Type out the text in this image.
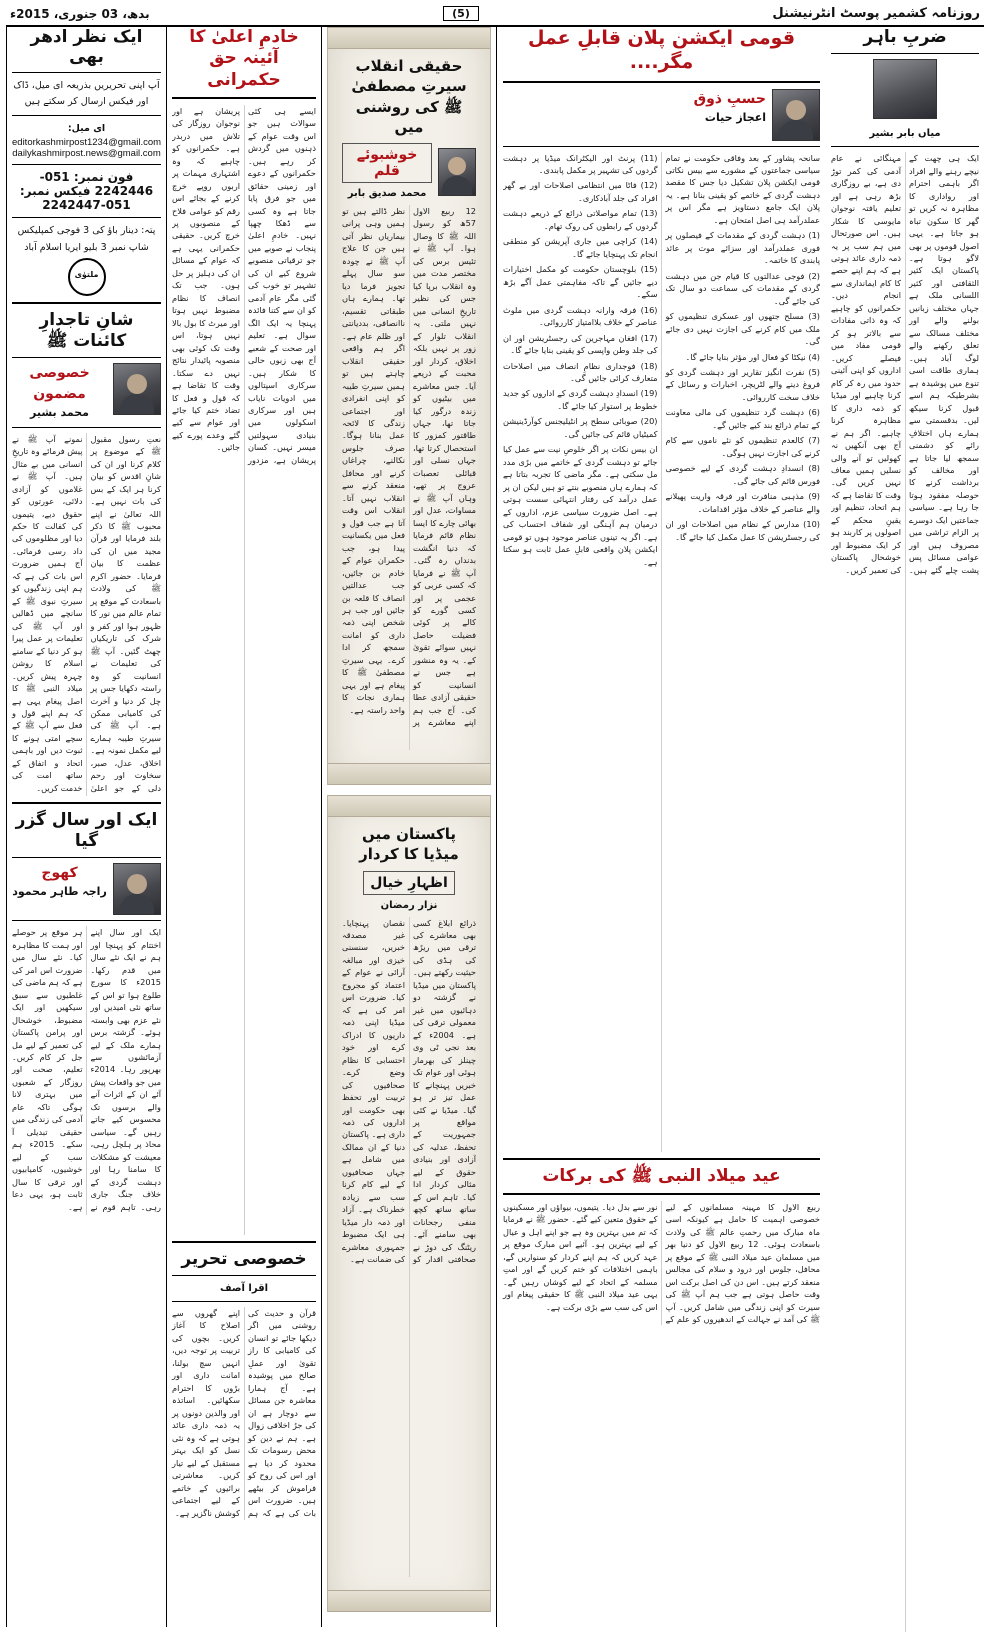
روزنامہ کشمیر پوسٹ انٹرنیشنل
(5)
بدھ، 03 جنوری، 2015ء
ایک نظر ادھر بھی
آپ اپنی تحریریں بذریعہ ای میل، ڈاک اور فیکس ارسال کر سکتے ہیں
ای میل:
editorkashmirpost1234@gmail.com
dailykashmirpost.news@gmail.com
فون نمبر: 051-2242446 فیکس نمبر: 051-2242447
پتہ: دینار باؤ کی 3 فوجی کمپلیکس شاپ نمبر 3 بلیو ایریا اسلام آباد
ملتوٰی
شانِ تاجدارِ کائنات ﷺ
خصوصی مضمون
محمد بشیر

نعتِ رسول مقبول ﷺ کے موضوع پر کلام کرنا اور ان کی شانِ اقدس کو بیان کرنا ہر ایک کے بس کی بات نہیں ہے۔ اللہ تعالیٰ نے اپنے محبوب ﷺ کا ذکر بلند فرمایا اور قرآن مجید میں ان کی عظمت کا بیان فرمایا۔ حضور اکرم ﷺ کی ولادت باسعادت کے موقع پر تمام عالم میں نور کا ظہور ہوا اور کفر و شرک کی تاریکیاں چھٹ گئیں۔ آپ ﷺ کی تعلیمات نے انسانیت کو وہ راستہ دکھایا جس پر چل کر دنیا و آخرت کی کامیابی ممکن ہے۔ آپ ﷺ کی سیرتِ طیبہ ہمارے لیے مکمل نمونہ ہے۔ اخلاق، عدل، صبر، سخاوت اور رحم دلی کے جو اعلیٰ نمونے آپ ﷺ نے پیش فرمائے وہ تاریخِ انسانی میں بے مثال ہیں۔ آپ ﷺ نے غلاموں کو آزادی دلائی، عورتوں کو حقوق دیے، یتیموں کی کفالت کا حکم دیا اور مظلوموں کی داد رسی فرمائی۔ آج ہمیں ضرورت اس بات کی ہے کہ ہم اپنی زندگیوں کو سیرتِ نبوی ﷺ کے سانچے میں ڈھالیں اور آپ ﷺ کی تعلیمات پر عمل پیرا ہو کر دنیا کے سامنے اسلام کا روشن چہرہ پیش کریں۔ میلاد النبی ﷺ کا اصل پیغام یہی ہے کہ ہم اپنے قول و فعل سے آپ ﷺ کے سچے امتی ہونے کا ثبوت دیں اور باہمی اتحاد و اتفاق کے ساتھ امت کی خدمت کریں۔

ایک اور سال گزر گیا
کھوج
راجہ طاہر محمود

ایک اور سال اپنے اختتام کو پہنچا اور ہم نے ایک نئے سال میں قدم رکھا۔ 2015ء کا سورج طلوع ہوا تو اس کے ساتھ نئی امیدیں اور نئے عزم بھی وابستہ ہوئے۔ گزشتہ برس ہمارے ملک کے لیے آزمائشوں سے بھرپور رہا۔ 2014ء میں جو واقعات پیش آئے ان کے اثرات آنے والے برسوں تک محسوس کیے جاتے رہیں گے۔ سیاسی محاذ پر ہلچل رہی، معیشت کو مشکلات کا سامنا رہا اور دہشت گردی کے خلاف جنگ جاری رہی۔ تاہم قوم نے ہر موقع پر حوصلے اور ہمت کا مظاہرہ کیا۔ نئے سال میں ضرورت اس امر کی ہے کہ ہم ماضی کی غلطیوں سے سبق سیکھیں اور ایک مضبوط، خوشحال اور پرامن پاکستان کی تعمیر کے لیے مل جل کر کام کریں۔ تعلیم، صحت اور روزگار کے شعبوں میں بہتری لانا ہوگی تاکہ عام آدمی کی زندگی میں حقیقی تبدیلی آ سکے۔ 2015ء ہم سب کے لیے خوشیوں، کامیابیوں اور ترقی کا سال ثابت ہو، یہی دعا ہے۔

خادمِ اعلیٰ کا آئینہ حق حکمرانی

ایسے ہی کئی سوالات ہیں جو اس وقت عوام کے ذہنوں میں گردش کر رہے ہیں۔ حکمرانوں کے دعوے اور زمینی حقائق میں جو فرق پایا جاتا ہے وہ کسی سے ڈھکا چھپا نہیں۔ خادمِ اعلیٰ پنجاب نے صوبے میں جو ترقیاتی منصوبے شروع کیے ان کی تشہیر تو خوب کی گئی مگر عام آدمی کو ان سے کتنا فائدہ پہنچا یہ ایک الگ سوال ہے۔ تعلیم اور صحت کے شعبے آج بھی زبوں حالی کا شکار ہیں۔ سرکاری اسپتالوں میں ادویات نایاب ہیں اور سرکاری اسکولوں میں بنیادی سہولتیں میسر نہیں۔ کسان پریشان ہے، مزدور پریشان ہے اور نوجوان روزگار کی تلاش میں دربدر ہے۔ حکمرانوں کو چاہیے کہ وہ اشتہاری مہمات پر اربوں روپے خرچ کرنے کے بجائے اس رقم کو عوامی فلاح کے منصوبوں پر خرچ کریں۔ حقیقی حکمرانی یہی ہے کہ عوام کے مسائل ان کی دہلیز پر حل ہوں۔ جب تک انصاف کا نظام مضبوط نہیں ہوتا اور میرٹ کا بول بالا نہیں ہوتا، اس وقت تک کوئی بھی منصوبہ پائیدار نتائج نہیں دے سکتا۔ وقت کا تقاضا ہے کہ قول و فعل کا تضاد ختم کیا جائے اور عوام سے کیے گئے وعدے پورے کیے جائیں۔

خصوصی تحریر
اقرا آصف

قرآن و حدیث کی روشنی میں اگر دیکھا جائے تو انسان کی کامیابی کا راز تقویٰ اور عملِ صالح میں پوشیدہ ہے۔ آج ہمارا معاشرہ جن مسائل سے دوچار ہے ان کی جڑ اخلاقی زوال ہے۔ ہم نے دین کو محض رسومات تک محدود کر دیا ہے اور اس کی روح کو فراموش کر بیٹھے ہیں۔ ضرورت اس بات کی ہے کہ ہم اپنے گھروں سے اصلاح کا آغاز کریں۔ بچوں کی تربیت پر توجہ دیں، انہیں سچ بولنا، امانت داری اور بڑوں کا احترام سکھائیں۔ اساتذہ اور والدین دونوں پر یہ ذمہ داری عائد ہوتی ہے کہ وہ نئی نسل کو ایک بہتر مستقبل کے لیے تیار کریں۔ معاشرتی برائیوں کے خاتمے کے لیے اجتماعی کوشش ناگزیر ہے۔

حقیقی انقلاب سیرتِ مصطفیٰ ﷺ کی روشنی میں
خوشبوئے قلم
محمد صدیق بابر

12 ربیع الاول 57ھ کو رسول اللہ ﷺ کا وصال ہوا۔ آپ ﷺ نے تئیس برس کی مختصر مدت میں وہ انقلاب برپا کیا جس کی نظیر تاریخِ انسانی میں نہیں ملتی۔ یہ انقلاب تلوار کے زور پر نہیں بلکہ اخلاق، کردار اور محبت کے ذریعے آیا۔ جس معاشرے میں بیٹیوں کو زندہ درگور کیا جاتا تھا، جہاں طاقتور کمزور کا استحصال کرتا تھا، جہاں نسلی اور قبائلی تعصبات عروج پر تھے، وہاں آپ ﷺ نے مساوات، عدل اور بھائی چارے کا ایسا نظام قائم فرمایا کہ دنیا انگشت بدنداں رہ گئی۔ آپ ﷺ نے فرمایا کہ کسی عربی کو عجمی پر اور کسی گورے کو کالے پر کوئی فضیلت حاصل نہیں سوائے تقویٰ کے۔ یہ وہ منشور ہے جس نے انسانیت کو حقیقی آزادی عطا کی۔ آج جب ہم اپنے معاشرے پر نظر ڈالتے ہیں تو ہمیں وہی پرانی بیماریاں نظر آتی ہیں جن کا علاج آپ ﷺ نے چودہ سو سال پہلے تجویز فرما دیا تھا۔ ہمارے ہاں طبقاتی تقسیم، ناانصافی، بددیانتی اور ظلم عام ہے۔ اگر ہم واقعی حقیقی انقلاب چاہتے ہیں تو ہمیں سیرتِ طیبہ کو اپنی انفرادی اور اجتماعی زندگی کا لائحہ عمل بنانا ہوگا۔ صرف جلوس نکالنے، چراغاں کرنے اور محافل منعقد کرنے سے انقلاب نہیں آتا۔ انقلاب اس وقت آتا ہے جب قول و فعل میں یکسانیت پیدا ہو، جب حکمران عوام کے خادم بن جائیں، جب عدالتیں انصاف کا قلعہ بن جائیں اور جب ہر شخص اپنی ذمہ داری کو امانت سمجھ کر ادا کرے۔ یہی سیرتِ مصطفیٰ ﷺ کا پیغام ہے اور یہی ہماری نجات کا واحد راستہ ہے۔

پاکستان میں میڈیا کا کردار
اظہارِ خیال
نزار رمضان

ذرائع ابلاغ کسی بھی معاشرے کی ترقی میں ریڑھ کی ہڈی کی حیثیت رکھتے ہیں۔ پاکستان میں میڈیا نے گزشتہ دو دہائیوں میں غیر معمولی ترقی کی ہے۔ 2004ء کے بعد نجی ٹی وی چینلز کی بھرمار ہوئی اور عوام تک خبریں پہنچانے کا عمل تیز تر ہو گیا۔ میڈیا نے کئی مواقع پر جمہوریت کے تحفظ، عدلیہ کی آزادی اور بنیادی حقوق کے لیے مثالی کردار ادا کیا۔ تاہم اس کے ساتھ ساتھ کچھ منفی رجحانات بھی سامنے آئے۔ ریٹنگ کی دوڑ نے صحافتی اقدار کو نقصان پہنچایا۔ غیر مصدقہ خبریں، سنسنی خیزی اور مبالغہ آرائی نے عوام کے اعتماد کو مجروح کیا۔ ضرورت اس امر کی ہے کہ میڈیا اپنی ذمہ داریوں کا ادراک کرے اور خود احتسابی کا نظام وضع کرے۔ صحافیوں کی تربیت اور تحفظ بھی حکومت اور اداروں کی ذمہ داری ہے۔ پاکستان دنیا کے ان ممالک میں شامل ہے جہاں صحافیوں کے لیے کام کرنا سب سے زیادہ خطرناک ہے۔ آزاد اور ذمہ دار میڈیا ہی ایک مضبوط جمہوری معاشرے کی ضمانت ہے۔

قومی ایکشن پلان قابلِ عمل مگر....
حسبِ ذوق
اعجاز حیات

سانحہ پشاور کے بعد وفاقی حکومت نے تمام سیاسی جماعتوں کے مشورے سے بیس نکاتی قومی ایکشن پلان تشکیل دیا جس کا مقصد دہشت گردی کے خاتمے کو یقینی بنانا ہے۔ یہ پلان ایک جامع دستاویز ہے مگر اس پر عملدرآمد ہی اصل امتحان ہے۔

(1) دہشت گردی کے مقدمات کے فیصلوں پر فوری عملدرآمد اور سزائے موت پر عائد پابندی کا خاتمہ۔

(2) فوجی عدالتوں کا قیام جن میں دہشت گردی کے مقدمات کی سماعت دو سال تک کی جائے گی۔

(3) مسلح جتھوں اور عسکری تنظیموں کو ملک میں کام کرنے کی اجازت نہیں دی جائے گی۔

(4) نیکٹا کو فعال اور مؤثر بنایا جائے گا۔

(5) نفرت انگیز تقاریر اور دہشت گردی کو فروغ دینے والے لٹریچر، اخبارات و رسائل کے خلاف سخت کارروائی۔

(6) دہشت گرد تنظیموں کی مالی معاونت کے تمام ذرائع بند کیے جائیں گے۔

(7) کالعدم تنظیموں کو نئے ناموں سے کام کرنے کی اجازت نہیں ہوگی۔

(8) انسدادِ دہشت گردی کے لیے خصوصی فورس قائم کی جائے گی۔

(9) مذہبی منافرت اور فرقہ واریت پھیلانے والے عناصر کے خلاف مؤثر اقدامات۔

(10) مدارس کے نظام میں اصلاحات اور ان کی رجسٹریشن کا عمل مکمل کیا جائے گا۔

(11) پرنٹ اور الیکٹرانک میڈیا پر دہشت گردوں کی تشہیر پر مکمل پابندی۔

(12) فاٹا میں انتظامی اصلاحات اور بے گھر افراد کی جلد آبادکاری۔

(13) تمام مواصلاتی ذرائع کے ذریعے دہشت گردوں کے رابطوں کی روک تھام۔

(14) کراچی میں جاری آپریشن کو منطقی انجام تک پہنچایا جائے گا۔

(15) بلوچستان حکومت کو مکمل اختیارات دیے جائیں گے تاکہ مفاہمتی عمل آگے بڑھ سکے۔

(16) فرقہ وارانہ دہشت گردی میں ملوث عناصر کے خلاف بلاامتیاز کارروائی۔

(17) افغان مہاجرین کی رجسٹریشن اور ان کی جلد وطن واپسی کو یقینی بنایا جائے گا۔

(18) فوجداری نظامِ انصاف میں اصلاحات متعارف کرائی جائیں گی۔

(19) انسدادِ دہشت گردی کے اداروں کو جدید خطوط پر استوار کیا جائے گا۔

(20) صوبائی سطح پر انٹیلیجنس کوآرڈینیشن کمیٹیاں قائم کی جائیں گی۔

ان بیس نکات پر اگر خلوصِ نیت سے عمل کیا جائے تو دہشت گردی کے خاتمے میں بڑی مدد مل سکتی ہے۔ مگر ماضی کا تجربہ بتاتا ہے کہ ہمارے ہاں منصوبے بنتے تو ہیں لیکن ان پر عمل درآمد کی رفتار انتہائی سست ہوتی ہے۔ اصل ضرورت سیاسی عزم، اداروں کے درمیان ہم آہنگی اور شفاف احتساب کی ہے۔ اگر یہ تینوں عناصر موجود ہوں تو قومی ایکشن پلان واقعی قابلِ عمل ثابت ہو سکتا ہے۔

عید میلاد النبی ﷺ کی برکات

ربیع الاول کا مہینہ مسلمانوں کے لیے خصوصی اہمیت کا حامل ہے کیونکہ اسی ماہ مبارک میں رحمتِ عالم ﷺ کی ولادت باسعادت ہوئی۔ 12 ربیع الاول کو دنیا بھر میں مسلمان عید میلاد النبی ﷺ کے موقع پر محافل، جلوس اور درود و سلام کی مجالس منعقد کرتے ہیں۔ اس دن کی اصل برکت اس وقت حاصل ہوتی ہے جب ہم آپ ﷺ کی سیرت کو اپنی زندگی میں شامل کریں۔ آپ ﷺ کی آمد نے جہالت کے اندھیروں کو علم کے نور سے بدل دیا۔ یتیموں، بیواؤں اور مسکینوں کے حقوق متعین کیے گئے۔ حضور ﷺ نے فرمایا کہ تم میں بہترین وہ ہے جو اپنے اہل و عیال کے لیے بہترین ہو۔ آئیے اس مبارک موقع پر عہد کریں کہ ہم اپنے کردار کو سنواریں گے، باہمی اختلافات کو ختم کریں گے اور امتِ مسلمہ کے اتحاد کے لیے کوشاں رہیں گے۔ یہی عید میلاد النبی ﷺ کا حقیقی پیغام اور اس کی سب سے بڑی برکت ہے۔

ضربِ باہر
میاں بابر بشیر

ایک ہی چھت کے نیچے رہنے والے افراد اگر باہمی احترام اور رواداری کا مظاہرہ نہ کریں تو گھر کا سکون تباہ ہو جاتا ہے۔ یہی اصول قوموں پر بھی لاگو ہوتا ہے۔ پاکستان ایک کثیر الثقافتی اور کثیر اللسانی ملک ہے جہاں مختلف زبانیں بولنے والے اور مختلف مسالک سے تعلق رکھنے والے لوگ آباد ہیں۔ ہماری طاقت اسی تنوع میں پوشیدہ ہے بشرطیکہ ہم اسے قبول کرنا سیکھ لیں۔ بدقسمتی سے ہمارے ہاں اختلافِ رائے کو دشمنی سمجھ لیا جاتا ہے اور مخالف کو برداشت کرنے کا حوصلہ مفقود ہوتا جا رہا ہے۔ سیاسی جماعتیں ایک دوسرے پر الزام تراشی میں مصروف ہیں اور عوامی مسائل پس پشت چلے گئے ہیں۔ مہنگائی نے عام آدمی کی کمر توڑ دی ہے، بے روزگاری بڑھ رہی ہے اور تعلیم یافتہ نوجوان مایوسی کا شکار ہیں۔ اس صورتحال میں ہم سب پر یہ ذمہ داری عائد ہوتی ہے کہ ہم اپنے حصے کا کام ایمانداری سے انجام دیں۔ حکمرانوں کو چاہیے کہ وہ ذاتی مفادات سے بالاتر ہو کر قومی مفاد میں فیصلے کریں۔ اداروں کو اپنی آئینی حدود میں رہ کر کام کرنا چاہیے اور میڈیا کو ذمہ داری کا مظاہرہ کرنا چاہیے۔ اگر ہم نے آج بھی آنکھیں نہ کھولیں تو آنے والی نسلیں ہمیں معاف نہیں کریں گی۔ وقت کا تقاضا ہے کہ ہم اتحاد، تنظیم اور یقینِ محکم کے اصولوں پر کاربند ہو کر ایک مضبوط اور خوشحال پاکستان کی تعمیر کریں۔
